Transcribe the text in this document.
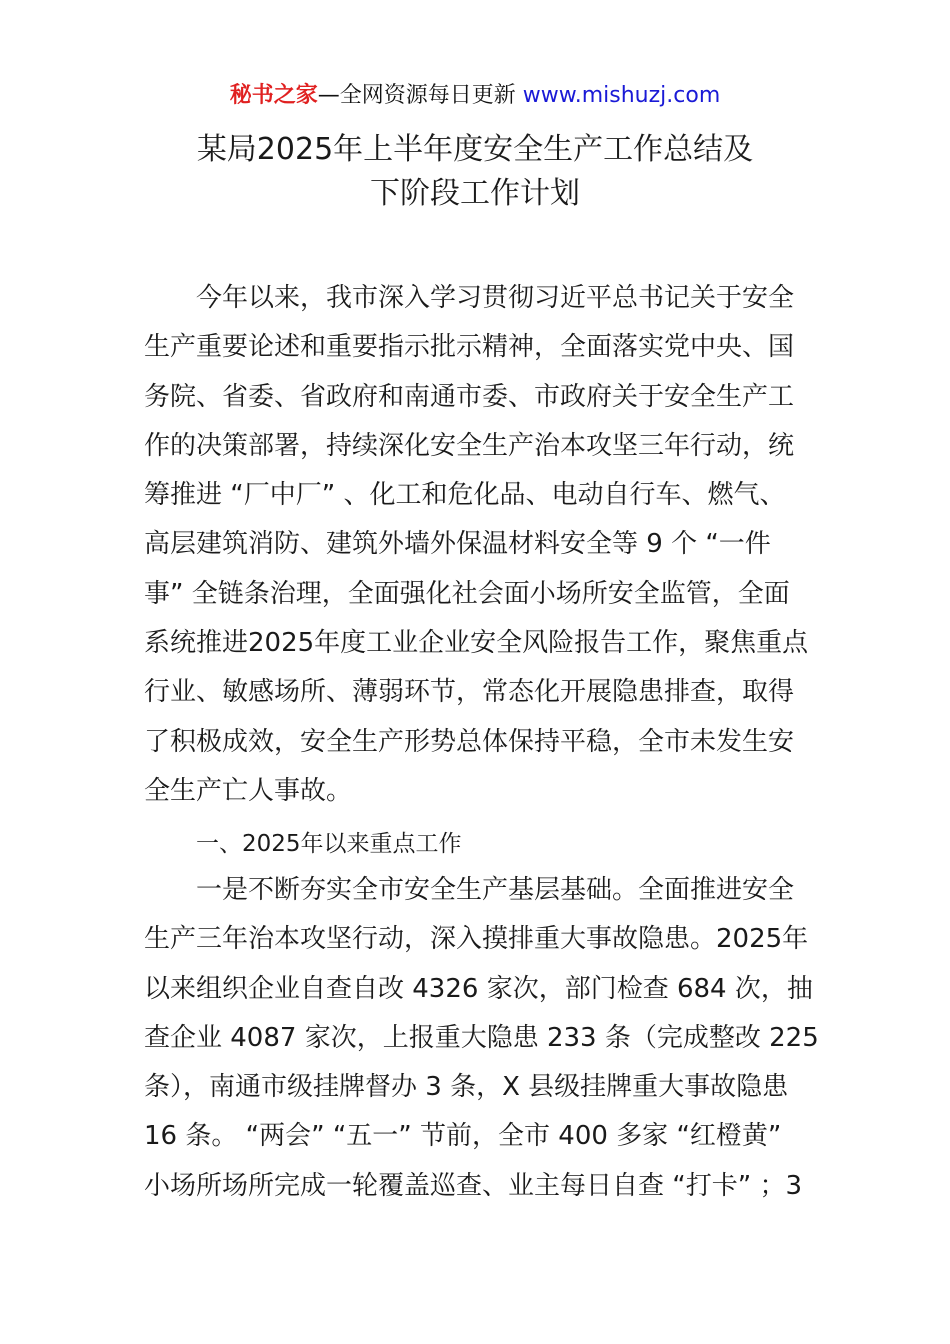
秘书之家—全网资源每日更新 www.mishuzj.com
某局2025年上半年度安全生产工作总结及
下阶段工作计划
今年以来，我市深入学习贯彻习近平总书记关于安全
生产重要论述和重要指示批示精神，全面落实党中央、国
务院、省委、省政府和南通市委、市政府关于安全生产工
作的决策部署，持续深化安全生产治本攻坚三年行动，统
筹推进 “厂中厂” 、化工和危化品、电动自行车、燃气、
高层建筑消防、建筑外墙外保温材料安全等 9 个 “一件
事” 全链条治理，全面强化社会面小场所安全监管，全面
系统推进2025年度工业企业安全风险报告工作，聚焦重点
行业、敏感场所、薄弱环节，常态化开展隐患排查，取得
了积极成效，安全生产形势总体保持平稳，全市未发生安
全生产亡人事故。
一、2025年以来重点工作
一是不断夯实全市安全生产基层基础。全面推进安全
生产三年治本攻坚行动，深入摸排重大事故隐患。2025年
以来组织企业自查自改 4326 家次，部门检查 684 次，抽
查企业 4087 家次，上报重大隐患 233 条（完成整改 225
条），南通市级挂牌督办 3 条，X 县级挂牌重大事故隐患
16 条。 “两会” “五一” 节前，全市 400 多家 “红橙黄”
小场所场所完成一轮覆盖巡查、业主每日自查 “打卡” ；3
